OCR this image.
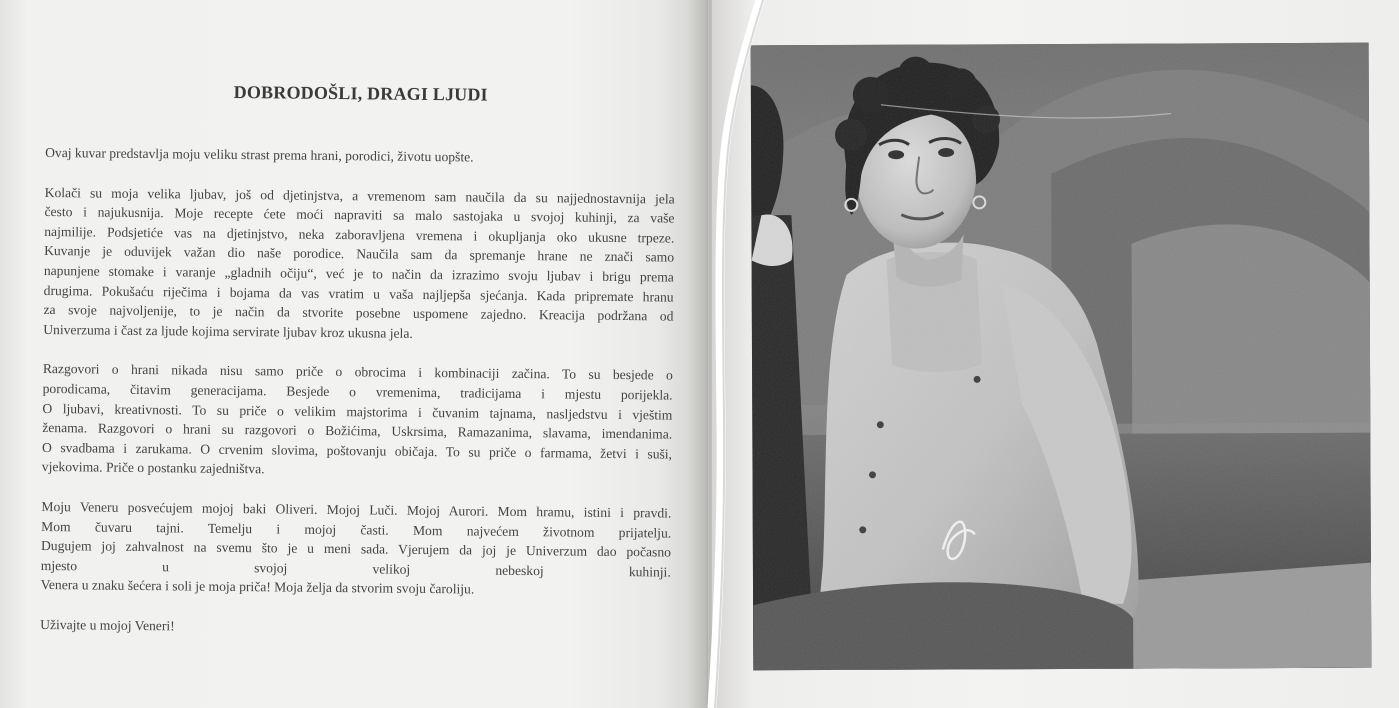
DOBRODOŠLI, DRAGI LJUDI
Ovaj kuvar predstavlja moju veliku strast prema hrani, porodici, životu uopšte.
Kolači su moja velika ljubav, još od djetinjstva, a vremenom sam naučila da su najjednostavnija jela
često i najukusnija. Moje recepte ćete moći napraviti sa malo sastojaka u svojoj kuhinji, za vaše
najmilije. Podsjetiće vas na djetinjstvo, neka zaboravljena vremena i okupljanja oko ukusne trpeze.
Kuvanje je oduvijek važan dio naše porodice. Naučila sam da spremanje hrane ne znači samo
napunjene stomake i varanje „gladnih očiju“, već je to način da izrazimo svoju ljubav i brigu prema
drugima. Pokušaću riječima i bojama da vas vratim u vaša najljepša sjećanja. Kada pripremate hranu
za svoje najvoljenije, to je način da stvorite posebne uspomene zajedno. Kreacija podržana od
Univerzuma i čast za ljude kojima servirate ljubav kroz ukusna jela.
Razgovori o hrani nikada nisu samo priče o obrocima i kombinaciji začina. To su besjede o
porodicama, čitavim generacijama. Besjede o vremenima, tradicijama i mjestu porijekla.
O ljubavi, kreativnosti. To su priče o velikim majstorima i čuvanim tajnama, nasljedstvu i vještim
ženama. Razgovori o hrani su razgovori o Božićima, Uskrsima, Ramazanima, slavama, imendanima.
O svadbama i zarukama. O crvenim slovima, poštovanju običaja. To su priče o farmama, žetvi i suši,
vjekovima. Priče o postanku zajedništva.
Moju Veneru posvećujem mojoj baki Oliveri. Mojoj Luči. Mojoj Aurori. Mom hramu, istini i pravdi.
Mom čuvaru tajni. Temelju i mojoj časti. Mom najvećem životnom prijatelju.
Dugujem joj zahvalnost na svemu što je u meni sada. Vjerujem da joj je Univerzum dao počasno
mjesto u svojoj velikoj nebeskoj kuhinji.
Venera u znaku šećera i soli je moja priča! Moja želja da stvorim svoju čaroliju.
Uživajte u mojoj Veneri!
